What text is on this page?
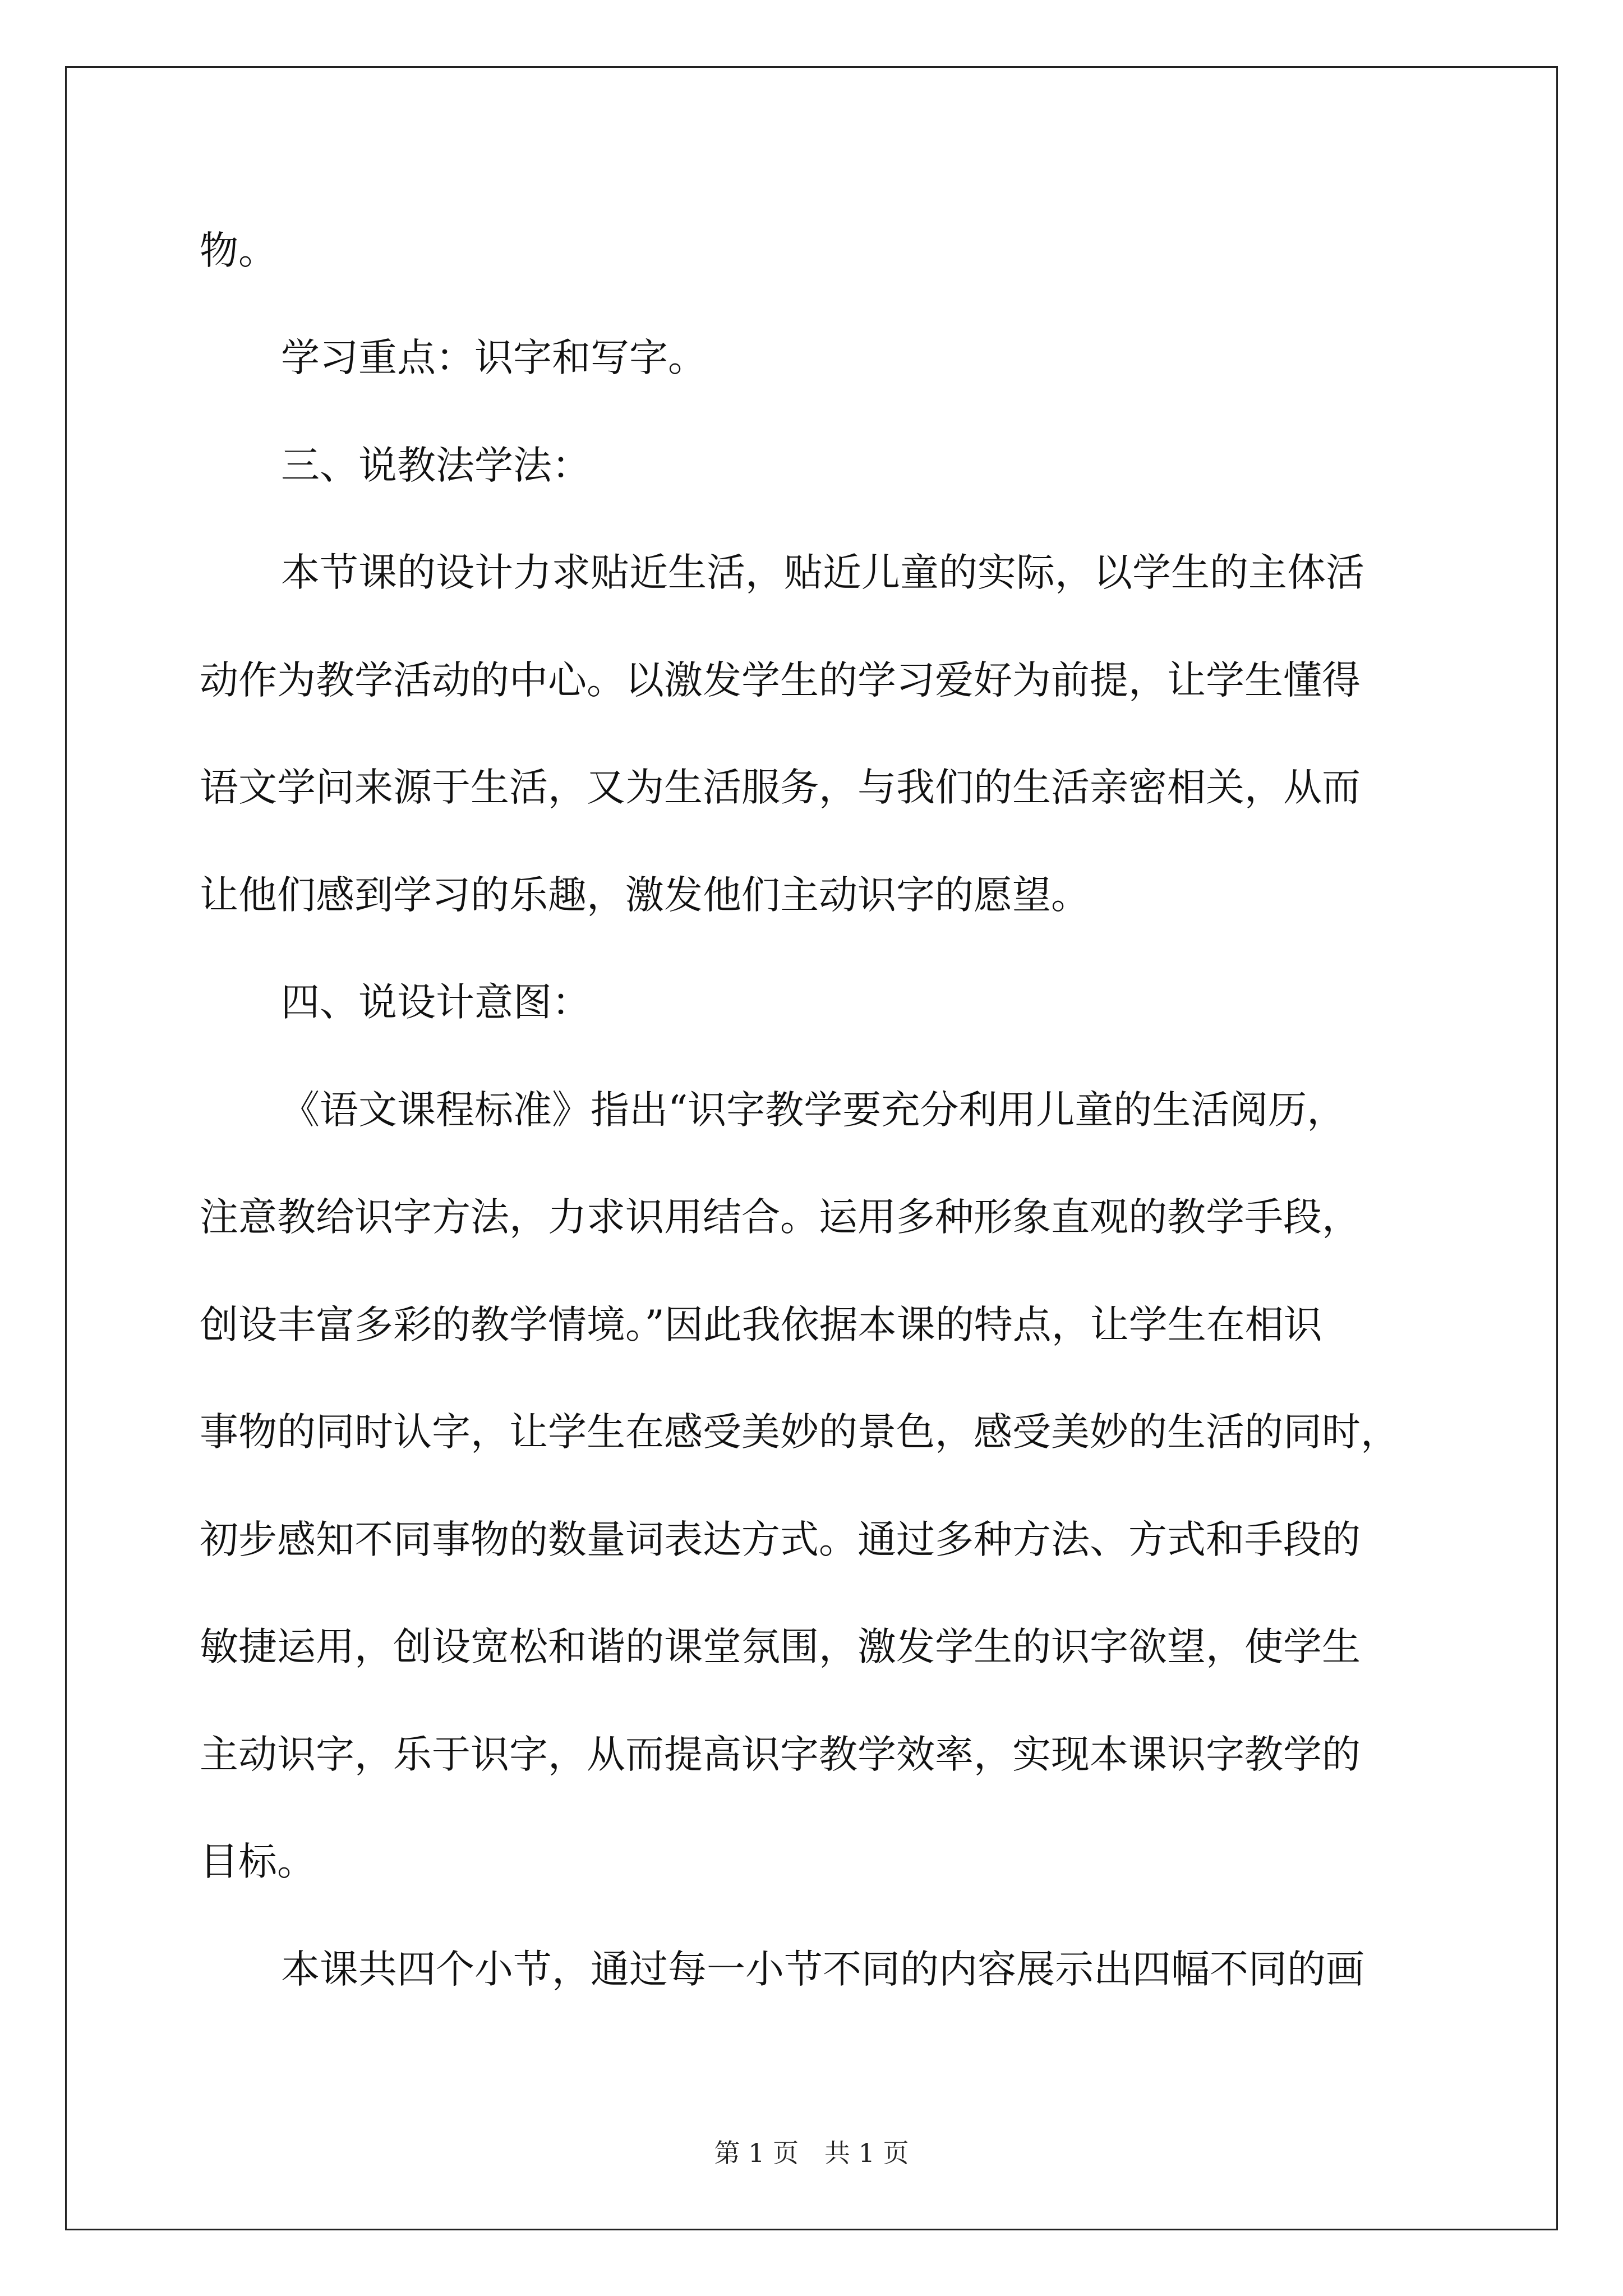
物。
学习重点：识字和写字。
三、说教法学法：
本节课的设计力求贴近生活，贴近儿童的实际，以学生的主体活
动作为教学活动的中心。以激发学生的学习爱好为前提，让学生懂得
语文学问来源于生活，又为生活服务，与我们的生活亲密相关，从而
让他们感到学习的乐趣，激发他们主动识字的愿望。
四、说设计意图：
《语文课程标准》指出“识字教学要充分利用儿童的生活阅历，
注意教给识字方法，力求识用结合。运用多种形象直观的教学手段，
创设丰富多彩的教学情境。”因此我依据本课的特点，让学生在相识
事物的同时认字，让学生在感受美妙的景色，感受美妙的生活的同时，
初步感知不同事物的数量词表达方式。通过多种方法、方式和手段的
敏捷运用，创设宽松和谐的课堂氛围，激发学生的识字欲望，使学生
主动识字，乐于识字，从而提高识字教学效率，实现本课识字教学的
目标。
本课共四个小节，通过每一小节不同的内容展示出四幅不同的画
第 1 页　共 1 页
